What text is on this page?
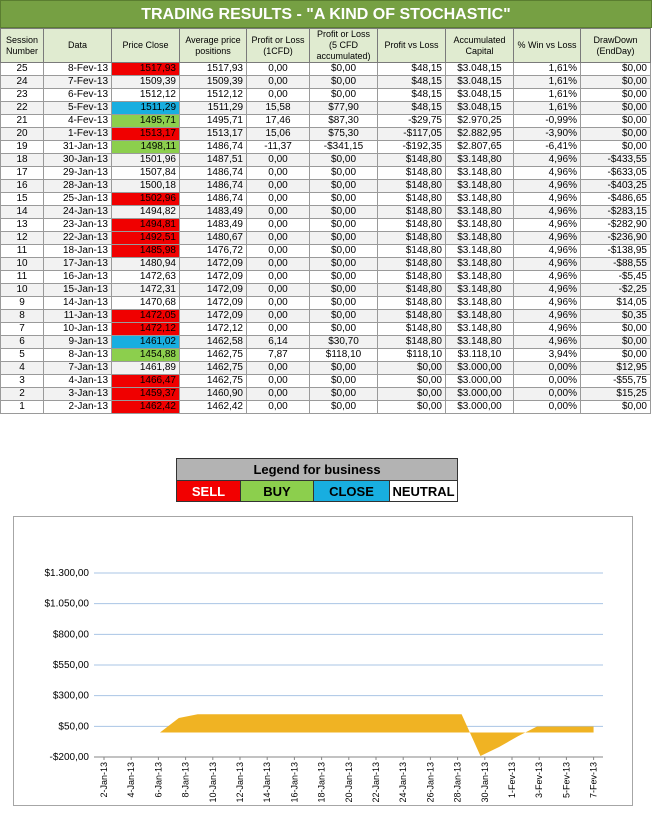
TRADING RESULTS - "A KIND OF STOCHASTIC"
Session Number	Data	Price Close	Average price positions	Profit or Loss (1CFD)	Profit or Loss (5 CFD accumulated)	Profit vs Loss	Accumulated Capital	% Win vs Loss	DrawDown (EndDay)
25	8-Fev-13	1517,93	1517,93	0,00	$0,00	$48,15	$3.048,15	1,61%	$0,00
24	7-Fev-13	1509,39	1509,39	0,00	$0,00	$48,15	$3.048,15	1,61%	$0,00
23	6-Fev-13	1512,12	1512,12	0,00	$0,00	$48,15	$3.048,15	1,61%	$0,00
22	5-Fev-13	1511,29	1511,29	15,58	$77,90	$48,15	$3.048,15	1,61%	$0,00
21	4-Fev-13	1495,71	1495,71	17,46	$87,30	-$29,75	$2.970,25	-0,99%	$0,00
20	1-Fev-13	1513,17	1513,17	15,06	$75,30	-$117,05	$2.882,95	-3,90%	$0,00
19	31-Jan-13	1498,11	1486,74	-11,37	-$341,15	-$192,35	$2.807,65	-6,41%	$0,00
18	30-Jan-13	1501,96	1487,51	0,00	$0,00	$148,80	$3.148,80	4,96%	-$433,55
17	29-Jan-13	1507,84	1486,74	0,00	$0,00	$148,80	$3.148,80	4,96%	-$633,05
16	28-Jan-13	1500,18	1486,74	0,00	$0,00	$148,80	$3.148,80	4,96%	-$403,25
15	25-Jan-13	1502,96	1486,74	0,00	$0,00	$148,80	$3.148,80	4,96%	-$486,65
14	24-Jan-13	1494,82	1483,49	0,00	$0,00	$148,80	$3.148,80	4,96%	-$283,15
13	23-Jan-13	1494,81	1483,49	0,00	$0,00	$148,80	$3.148,80	4,96%	-$282,90
12	22-Jan-13	1492,51	1480,67	0,00	$0,00	$148,80	$3.148,80	4,96%	-$236,90
11	18-Jan-13	1485,98	1476,72	0,00	$0,00	$148,80	$3.148,80	4,96%	-$138,95
10	17-Jan-13	1480,94	1472,09	0,00	$0,00	$148,80	$3.148,80	4,96%	-$88,55
11	16-Jan-13	1472,63	1472,09	0,00	$0,00	$148,80	$3.148,80	4,96%	-$5,45
10	15-Jan-13	1472,31	1472,09	0,00	$0,00	$148,80	$3.148,80	4,96%	-$2,25
9	14-Jan-13	1470,68	1472,09	0,00	$0,00	$148,80	$3.148,80	4,96%	$14,05
8	11-Jan-13	1472,05	1472,09	0,00	$0,00	$148,80	$3.148,80	4,96%	$0,35
7	10-Jan-13	1472,12	1472,12	0,00	$0,00	$148,80	$3.148,80	4,96%	$0,00
6	9-Jan-13	1461,02	1462,58	6,14	$30,70	$148,80	$3.148,80	4,96%	$0,00
5	8-Jan-13	1454,88	1462,75	7,87	$118,10	$118,10	$3.118,10	3,94%	$0,00
4	7-Jan-13	1461,89	1462,75	0,00	$0,00	$0,00	$3.000,00	0,00%	$12,95
3	4-Jan-13	1466,47	1462,75	0,00	$0,00	$0,00	$3.000,00	0,00%	-$55,75
2	3-Jan-13	1459,37	1460,90	0,00	$0,00	$0,00	$3.000,00	0,00%	$15,25
1	2-Jan-13	1462,42	1462,42	0,00	$0,00	$0,00	$3.000,00	0,00%	$0,00
Legend for business
SELL	BUY	CLOSE	NEUTRAL
-$200,00
$50,00
$300,00
$550,00
$800,00
$1.050,00
$1.300,00
2-Jan-13 4-Jan-13 6-Jan-13 8-Jan-13 10-Jan-13 12-Jan-13 14-Jan-13 16-Jan-13 18-Jan-13 20-Jan-13 22-Jan-13 24-Jan-13 26-Jan-13 28-Jan-13 30-Jan-13 1-Fev-13 3-Fev-13 5-Fev-13 7-Fev-13
